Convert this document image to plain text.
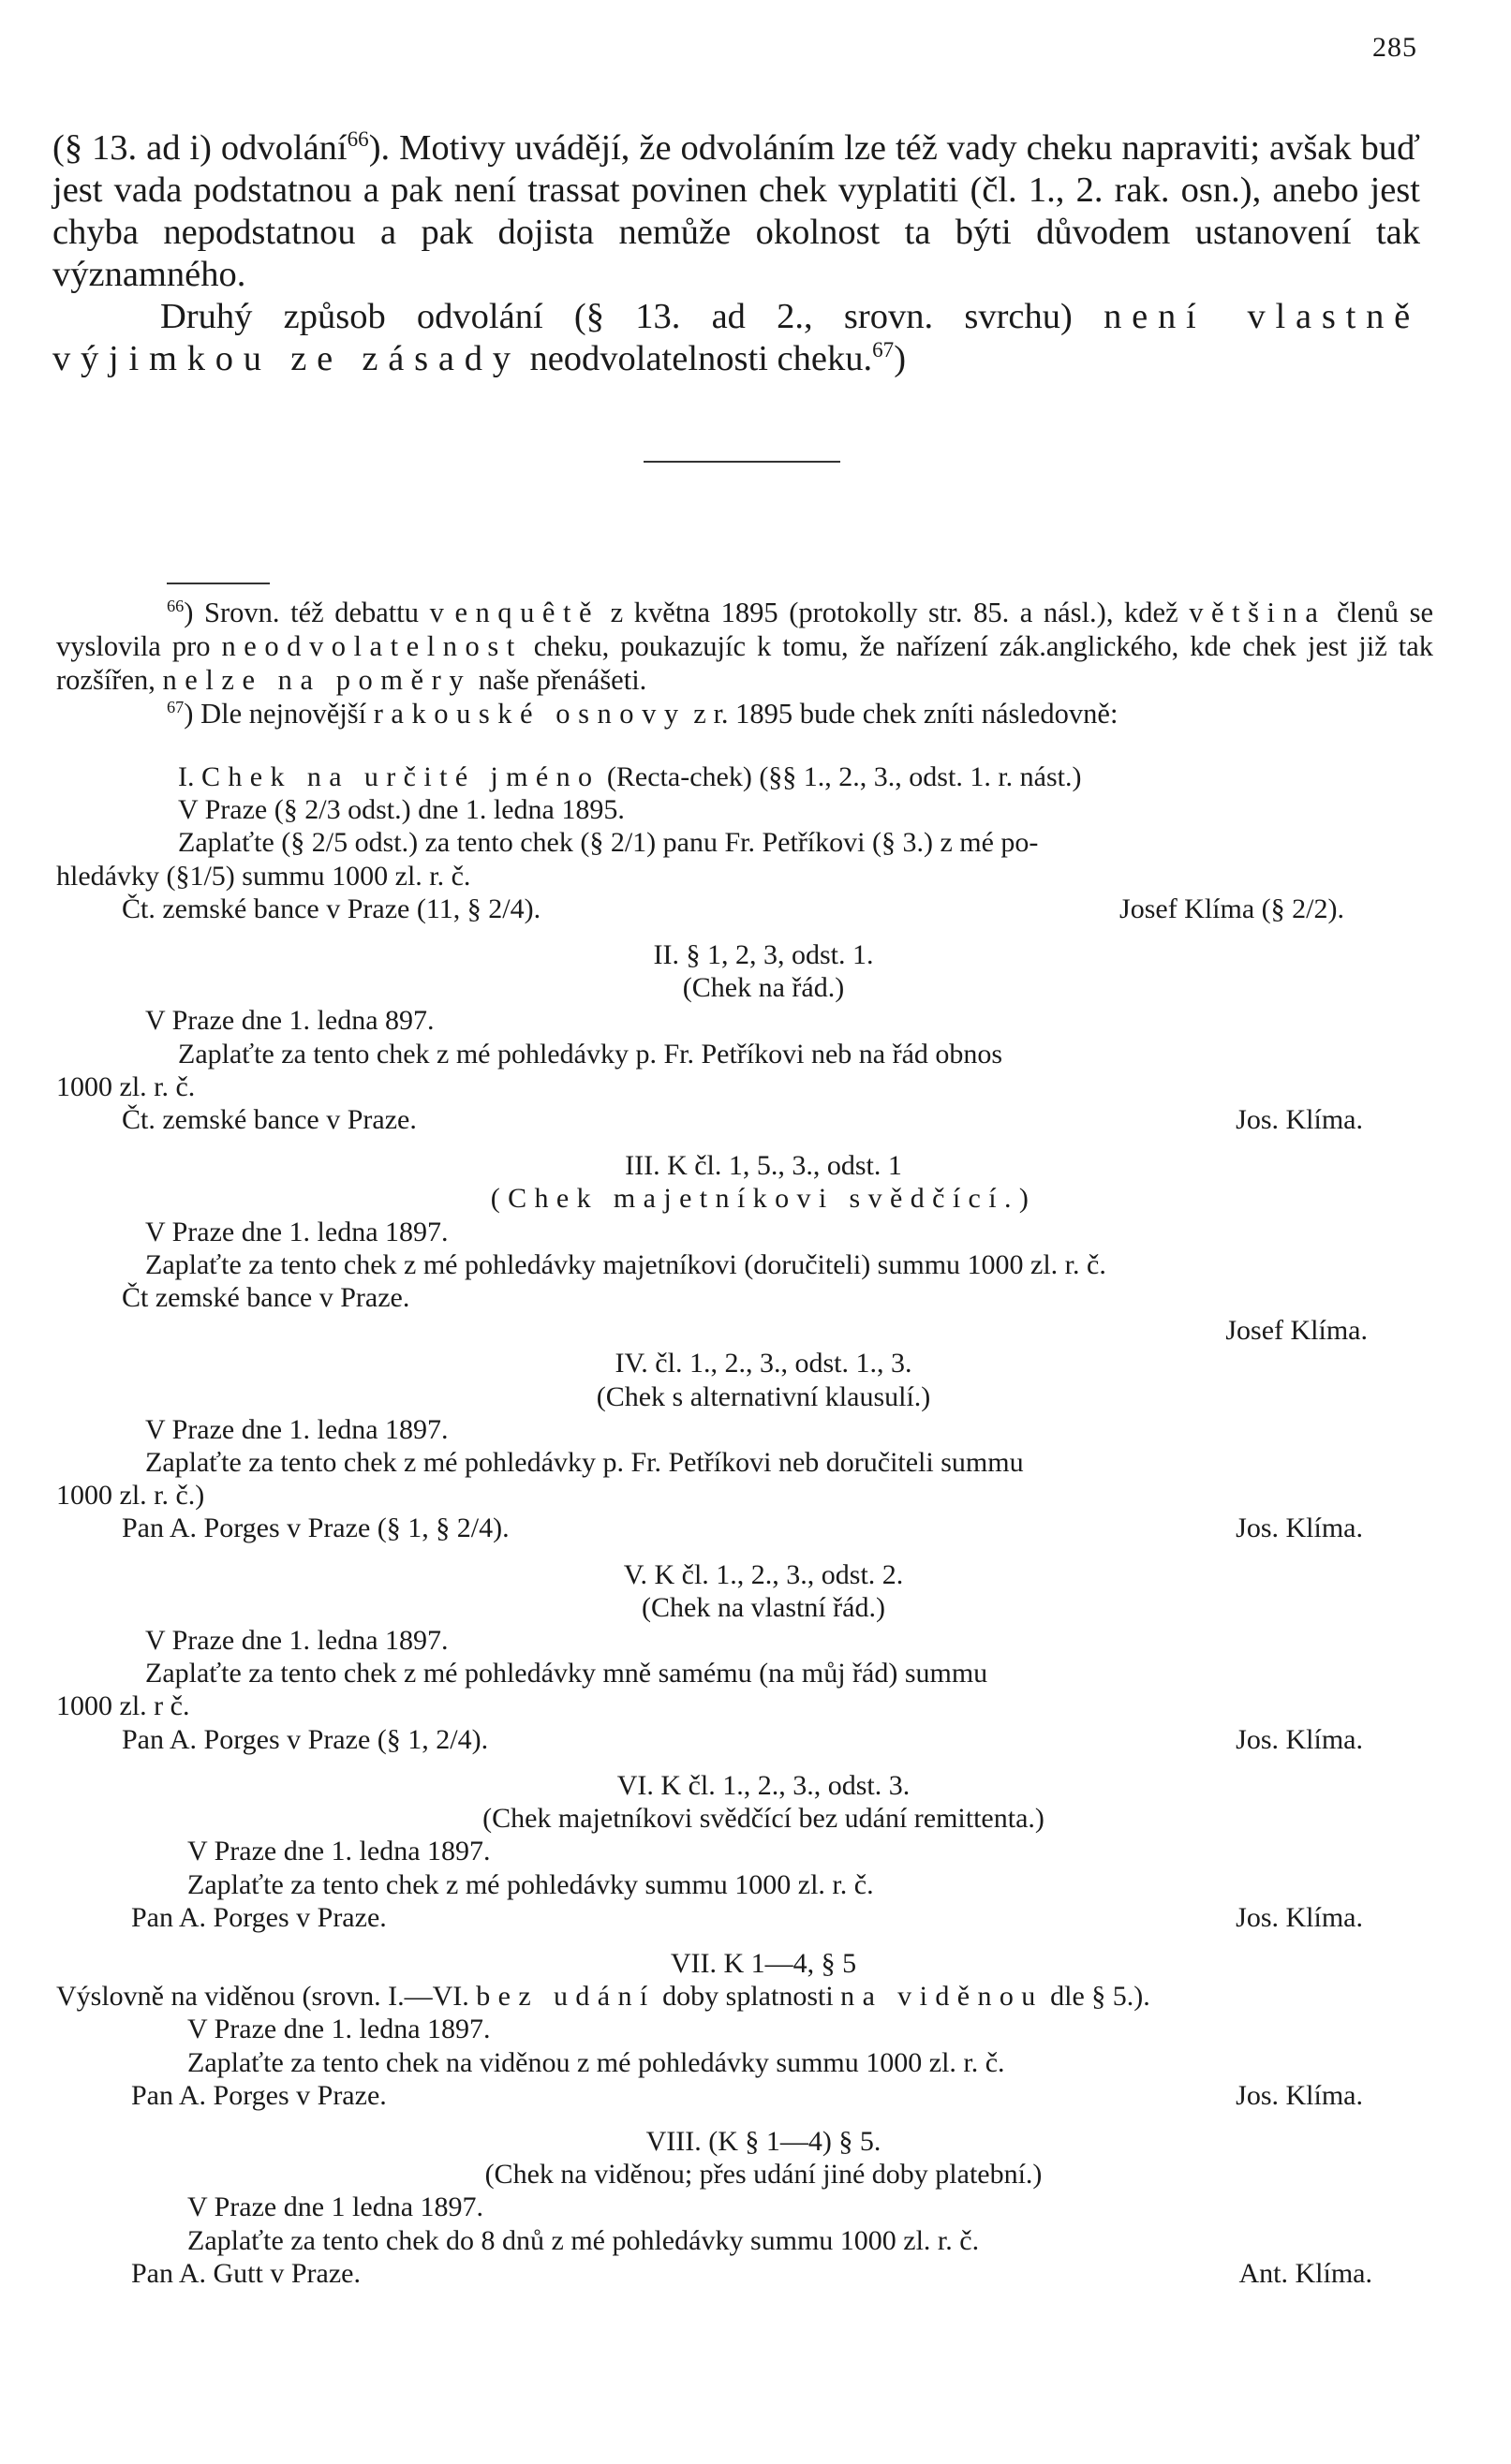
285

(§ 13. ad i) odvolání$^{66}$). Motivy uvádějí, že odvoláním lze též vady cheku napraviti; avšak buď jest vada podstatnou a pak není trassat povinen chek vyplatiti (čl. 1., 2. rak. osn.), anebo jest chyba nepodstatnou a pak dojista nemůže okolnost ta býti důvodem ustanovení tak významného.

Druhý způsob odvolání (§ 13. ad 2., srovn. svrchu) není vlastně výjimkou ze zásady neodvolatelnosti cheku.$^{67}$)

$^{66}$) Srovn. též debattu v enquêtě z května 1895 (protokolly str. 85. a násl.), kdež většina členů se vyslovila pro neodvolatelnost cheku, poukazujíc k tomu, že nařízení zák.anglického, kde chek jest již tak rozšířen, nelze na poměry naše přenášeti.

$^{67}$) Dle nejnovější rakouské osnovy z r. 1895 bude chek zníti následovně:

I.
Chek na určité jméno
(Recta-chek) (§§ 1., 2., 3., odst. 1. r. nást.)
V Praze (§ 2/3 odst.) dne 1. ledna 1895.
Zaplaťte (§ 2/5 odst.) za tento chek (§ 2/1) panu Fr. Petříkovi (§ 3.) z mé po-
hledávky (§1/5) summu 1000 zl. r. č.
Čt. zemské bance v Praze (11, § 2/4).	Josef Klíma (§ 2/2).
II. § 1, 2, 3, odst. 1.
(Chek na řád.)
V Praze dne 1. ledna 897.
Zaplaťte za tento chek z mé pohledávky p. Fr. Petříkovi neb na řád obnos
1000 zl. r. č.
Čt. zemské bance v Praze.	Jos. Klíma.
III. K čl. 1, 5., 3., odst. 1
(Chek majetníkovi svědčící.)
V Praze dne 1. ledna 1897.
Zaplaťte za tento chek z mé pohledávky majetníkovi (doručiteli) summu 1000 zl. r. č.
Čt zemské bance v Praze.
Josef Klíma.
IV. čl. 1., 2., 3., odst. 1., 3.
(Chek s alternativní klausulí.)
V Praze dne 1. ledna 1897.
Zaplaťte za tento chek z mé pohledávky p. Fr. Petříkovi neb doručiteli summu
1000 zl. r. č.)
Pan A. Porges v Praze (§ 1, § 2/4).	Jos. Klíma.
V. K čl. 1., 2., 3., odst. 2.
(Chek na vlastní řád.)
V Praze dne 1. ledna 1897.
Zaplaťte za tento chek z mé pohledávky mně samému (na můj řád) summu
1000 zl. r č.
Pan A. Porges v Praze (§ 1, 2/4).	Jos. Klíma.
VI. K čl. 1., 2., 3., odst. 3.
(Chek majetníkovi svědčící bez udání remittenta.)
V Praze dne 1. ledna 1897.
Zaplaťte za tento chek z mé pohledávky summu 1000 zl. r. č.
Pan A. Porges v Praze.	Jos. Klíma.
VII. K 1—4, § 5
Výslovně na viděnou (srovn. I.—VI. bez udání doby splatnosti na viděnou dle § 5.).
V Praze dne 1. ledna 1897.
Zaplaťte za tento chek na viděnou z mé pohledávky summu 1000 zl. r. č.
Pan A. Porges v Praze.	Jos. Klíma.
VIII. (K § 1—4) § 5.
(Chek na viděnou; přes udání jiné doby platební.)
V Praze dne 1 ledna 1897.
Zaplaťte za tento chek do 8 dnů z mé pohledávky summu 1000 zl. r. č.
Pan A. Gutt v Praze.	Ant. Klíma.
